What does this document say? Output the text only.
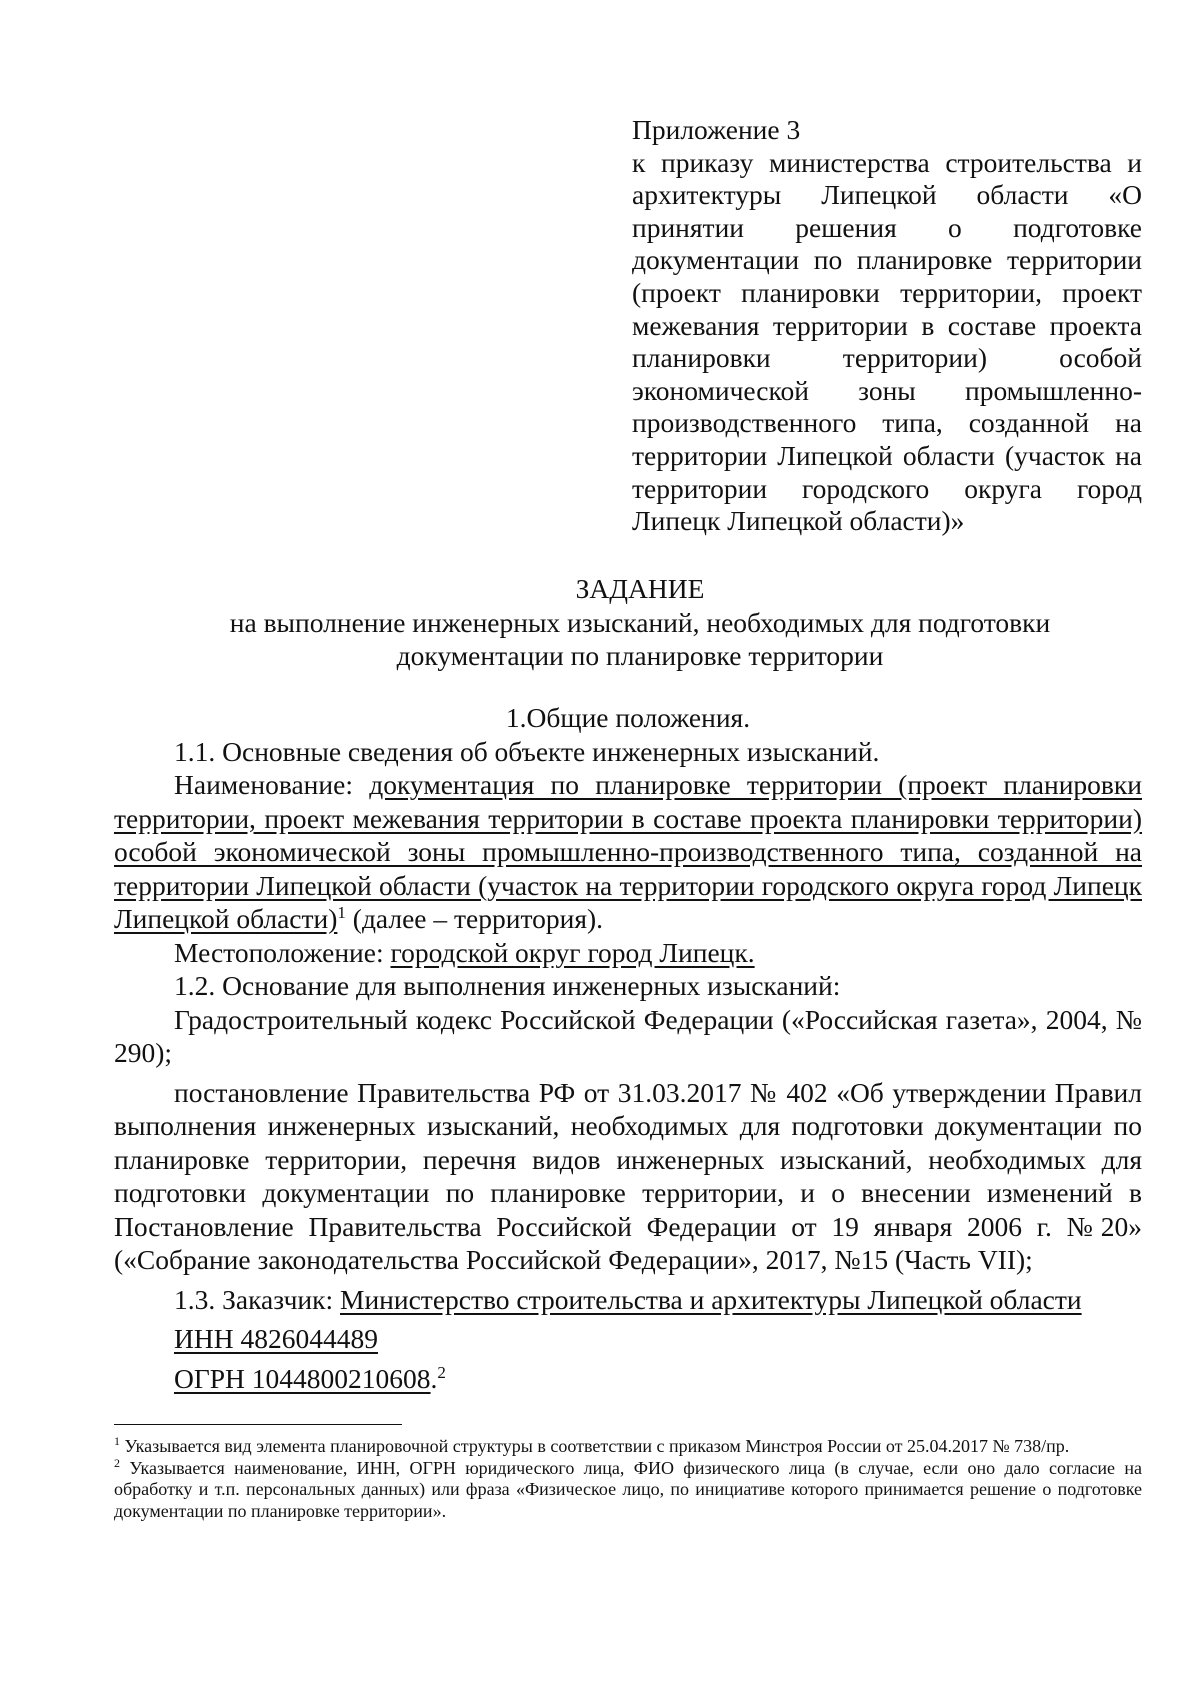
Приложение 3
к приказу министерства строительства и архитектуры Липецкой области «О принятии решения о подготовке документации по планировке территории (проект планировки территории, проект межевания территории в составе проекта планировки территории) особой экономической зоны промышленно-производственного типа, созданной на территории Липецкой области (участок на территории городского округа город Липецк Липецкой области)»
ЗАДАНИЕ
на выполнение инженерных изысканий, необходимых для подготовки
документации по планировке территории

1.Общие положения.

1.1. Основные сведения об объекте инженерных изысканий.

Наименование: документация по планировке территории (проект планировки территории, проект межевания территории в составе проекта планировки территории) особой экономической зоны промышленно-производственного типа, созданной на территории Липецкой области (участок на территории городского округа город Липецк Липецкой области)$^1$ (далее – территория).

Местоположение: городской округ город Липецк.

1.2. Основание для выполнения инженерных изысканий:

Градостроительный кодекс Российской Федерации («Российская газета», 2004, № 290);

постановление Правительства РФ от 31.03.2017 № 402 «Об утверждении Правил выполнения инженерных изысканий, необходимых для подготовки документации по планировке территории, перечня видов инженерных изысканий, необходимых для подготовки документации по планировке территории, и о внесении изменений в Постановление Правительства Российской Федерации от 19 января 2006 г. №20» («Собрание законодательства Российской Федерации», 2017, №15 (Часть VII);

1.3. Заказчик: Министерство строительства и архитектуры Липецкой области

ИНН 4826044489

ОГРН 1044800210608.$^2$

$^1$ Указывается вид элемента планировочной структуры в соответствии с приказом Минстроя России от 25.04.2017 № 738/пр.

$^2$ Указывается наименование, ИНН, ОГРН юридического лица, ФИО физического лица (в случае, если оно дало согласие на обработку и т.п. персональных данных) или фраза «Физическое лицо, по инициативе которого принимается решение о подготовке документации по планировке территории».
